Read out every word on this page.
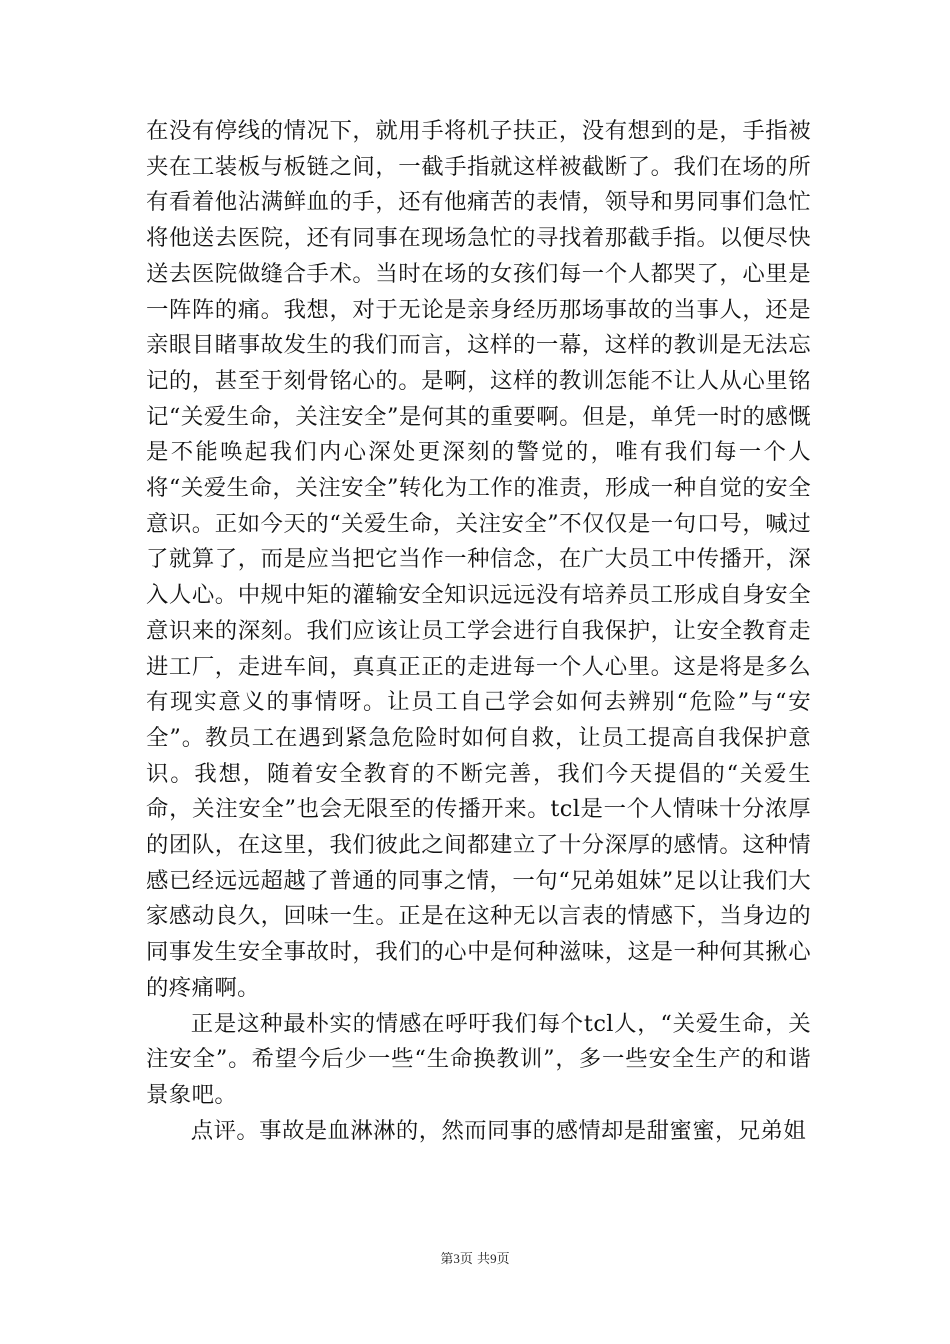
在没有停线的情况下，就用手将机子扶正，没有想到的是，手指被夹在工装板与板链之间，一截手指就这样被截断了。我们在场的所有看着他沾满鲜血的手，还有他痛苦的表情，领导和男同事们急忙将他送去医院，还有同事在现场急忙的寻找着那截手指。以便尽快送去医院做缝合手术。当时在场的女孩们每一个人都哭了，心里是一阵阵的痛。我想，对于无论是亲身经历那场事故的当事人，还是亲眼目睹事故发生的我们而言，这样的一幕，这样的教训是无法忘记的，甚至于刻骨铭心的。是啊，这样的教训怎能不让人从心里铭记“关爱生命，关注安全”是何其的重要啊。但是，单凭一时的感慨是不能唤起我们内心深处更深刻的警觉的，唯有我们每一个人将“关爱生命，关注安全”转化为工作的准责，形成一种自觉的安全意识。正如今天的“关爱生命，关注安全”不仅仅是一句口号，喊过了就算了，而是应当把它当作一种信念，在广大员工中传播开，深入人心。中规中矩的灌输安全知识远远没有培养员工形成自身安全意识来的深刻。我们应该让员工学会进行自我保护，让安全教育走进工厂，走进车间，真真正正的走进每一个人心里。这是将是多么有现实意义的事情呀。让员工自己学会如何去辨别“危险”与“安全”。教员工在遇到紧急危险时如何自救，让员工提高自我保护意识。我想，随着安全教育的不断完善，我们今天提倡的“关爱生命，关注安全”也会无限至的传播开来。tcl是一个人情味十分浓厚的团队，在这里，我们彼此之间都建立了十分深厚的感情。这种情感已经远远超越了普通的同事之情，一句“兄弟姐妹”足以让我们大家感动良久，回味一生。正是在这种无以言表的情感下，当身边的同事发生安全事故时，我们的心中是何种滋味，这是一种何其揪心的疼痛啊。

正是这种最朴实的情感在呼吁我们每个tcl人，“关爱生命，关注安全”。希望今后少一些“生命换教训”，多一些安全生产的和谐景象吧。

点评。事故是血淋淋的，然而同事的感情却是甜蜜蜜，兄弟姐

第3页 共9页
